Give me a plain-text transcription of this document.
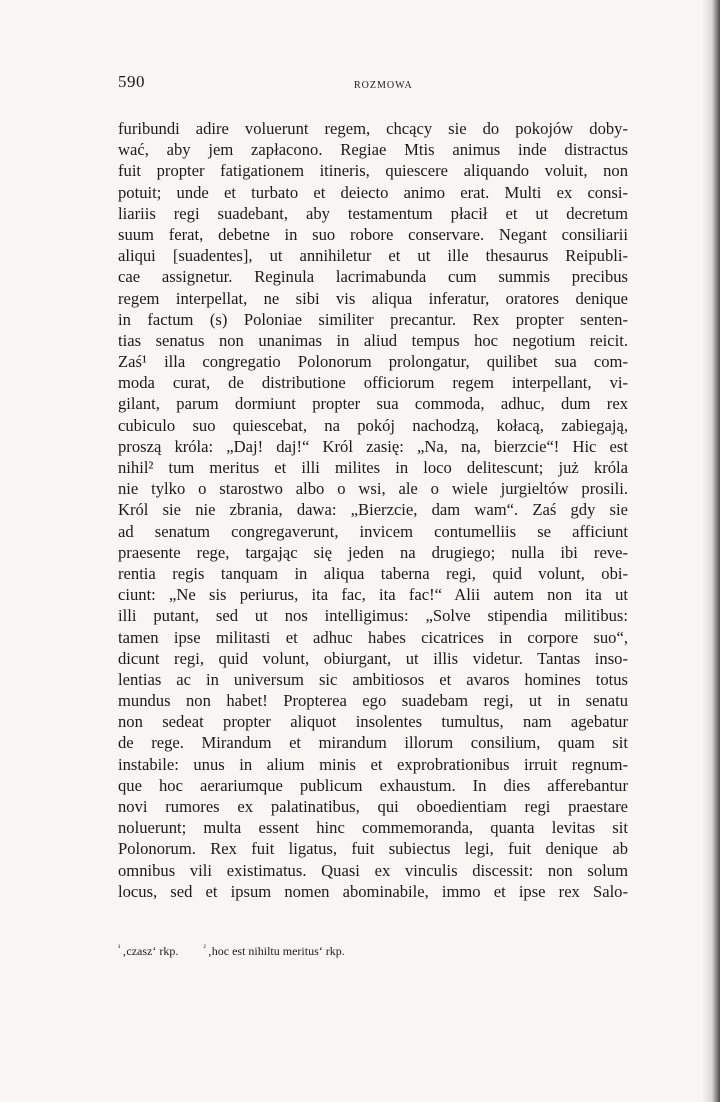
590	ROZMOWA
furibundi adire voluerunt regem, chcący sie do pokojów doby-
wać, aby jem zapłacono. Regiae Mtis animus inde distractus
fuit propter fatigationem itineris, quiescere aliquando voluit, non
potuit; unde et turbato et deiecto animo erat. Multi ex consi-
liariis regi suadebant, aby testamentum płacił et ut decretum
suum ferat, debetne in suo robore conservare. Negant consiliarii
aliqui [suadentes], ut annihiletur et ut ille thesaurus Reipubli-
cae assignetur. Reginula lacrimabunda cum summis precibus
regem interpellat, ne sibi vis aliqua inferatur, oratores denique
in factum (s) Poloniae similiter precantur. Rex propter senten-
tias senatus non unanimas in aliud tempus hoc negotium reicit.
Zaś¹ illa congregatio Polonorum prolongatur, quilibet sua com-
moda curat, de distributione officiorum regem interpellant, vi-
gilant, parum dormiunt propter sua commoda, adhuc, dum rex
cubiculo suo quiescebat, na pokój nachodzą, kołacą, zabiegają,
proszą króla: „Daj! daj!“ Król zasię: „Na, na, bierzcie“! Hic est
nihil² tum meritus et illi milites in loco delitescunt; już króla
nie tylko o starostwo albo o wsi, ale o wiele jurgieltów prosili.
Król sie nie zbrania, dawa: „Bierzcie, dam wam“. Zaś gdy sie
ad senatum congregaverunt, invicem contumelliis se afficiunt
praesente rege, targając się jeden na drugiego; nulla ibi reve-
rentia regis tanquam in aliqua taberna regi, quid volunt, obi-
ciunt: „Ne sis periurus, ita fac, ita fac!“ Alii autem non ita ut
illi putant, sed ut nos intelligimus: „Solve stipendia militibus:
tamen ipse militasti et adhuc habes cicatrices in corpore suo“,
dicunt regi, quid volunt, obiurgant, ut illis videtur. Tantas inso-
lentias ac in universum sic ambitiosos et avaros homines totus
mundus non habet! Propterea ego suadebam regi, ut in senatu
non sedeat propter aliquot insolentes tumultus, nam agebatur
de rege. Mirandum et mirandum illorum consilium, quam sit
instabile: unus in alium minis et exprobrationibus irruit regnum-
que hoc aerariumque publicum exhaustum. In dies afferebantur
novi rumores ex palatinatibus, qui oboedientiam regi praestare
noluerunt; multa essent hinc commemoranda, quanta levitas sit
Polonorum. Rex fuit ligatus, fuit subiectus legi, fuit denique ab
omnibus vili existimatus. Quasi ex vinculis discessit: non solum
locus, sed et ipsum nomen abominabile, immo et ipse rex Salo-
$^{^1}$ ‚czasz‘ rkp.	$^{^2}$ ‚hoc est nihiltu meritus‘ rkp.
